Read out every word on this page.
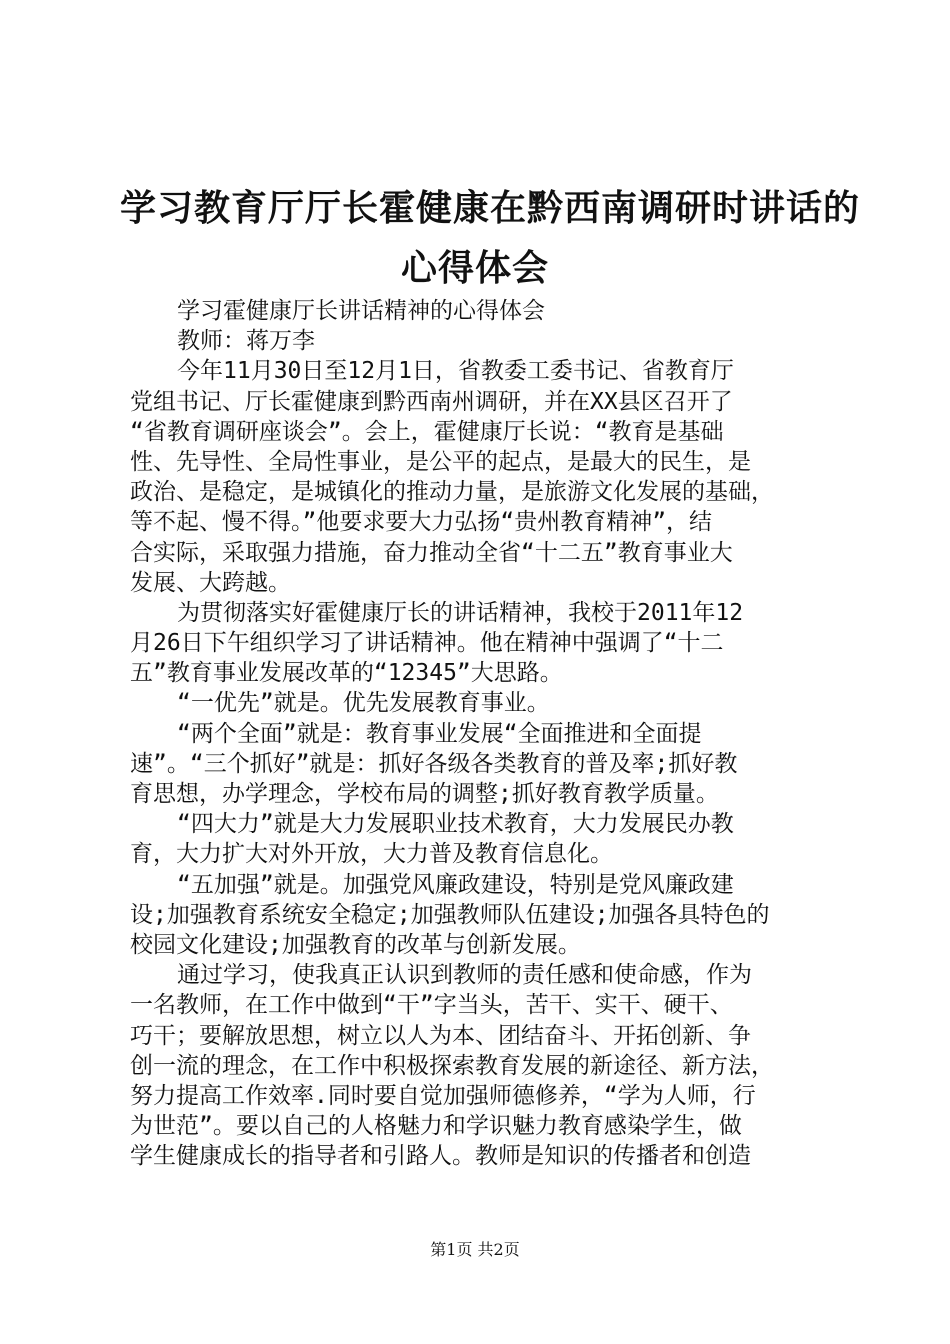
学习教育厅厅长霍健康在黔西南调研时讲话的
心得体会
学习霍健康厅长讲话精神的心得体会
教师：蒋万李
今年11月30日至12月1日，省教委工委书记、省教育厅
党组书记、厅长霍健康到黔西南州调研，并在XX县区召开了
“省教育调研座谈会”。会上，霍健康厅长说：“教育是基础
性、先导性、全局性事业，是公平的起点，是最大的民生，是
政治、是稳定，是城镇化的推动力量，是旅游文化发展的基础，
等不起、慢不得。”他要求要大力弘扬“贵州教育精神”，结
合实际，采取强力措施，奋力推动全省“十二五”教育事业大
发展、大跨越。
为贯彻落实好霍健康厅长的讲话精神，我校于2011年12
月26日下午组织学习了讲话精神。他在精神中强调了“十二
五”教育事业发展改革的“12345”大思路。
“一优先”就是。优先发展教育事业。
“两个全面”就是：教育事业发展“全面推进和全面提
速”。“三个抓好”就是：抓好各级各类教育的普及率;抓好教
育思想，办学理念，学校布局的调整;抓好教育教学质量。
“四大力”就是大力发展职业技术教育，大力发展民办教
育，大力扩大对外开放，大力普及教育信息化。
“五加强”就是。加强党风廉政建设，特别是党风廉政建
设;加强教育系统安全稳定;加强教师队伍建设;加强各具特色的
校园文化建设;加强教育的改革与创新发展。
通过学习，使我真正认识到教师的责任感和使命感，作为
一名教师，在工作中做到“干”字当头，苦干、实干、硬干、
巧干；要解放思想，树立以人为本、团结奋斗、开拓创新、争
创一流的理念，在工作中积极探索教育发展的新途径、新方法，
努力提高工作效率.同时要自觉加强师德修养，“学为人师，行
为世范”。要以自己的人格魅力和学识魅力教育感染学生，做
学生健康成长的指导者和引路人。教师是知识的传播者和创造
第1页 共2页
